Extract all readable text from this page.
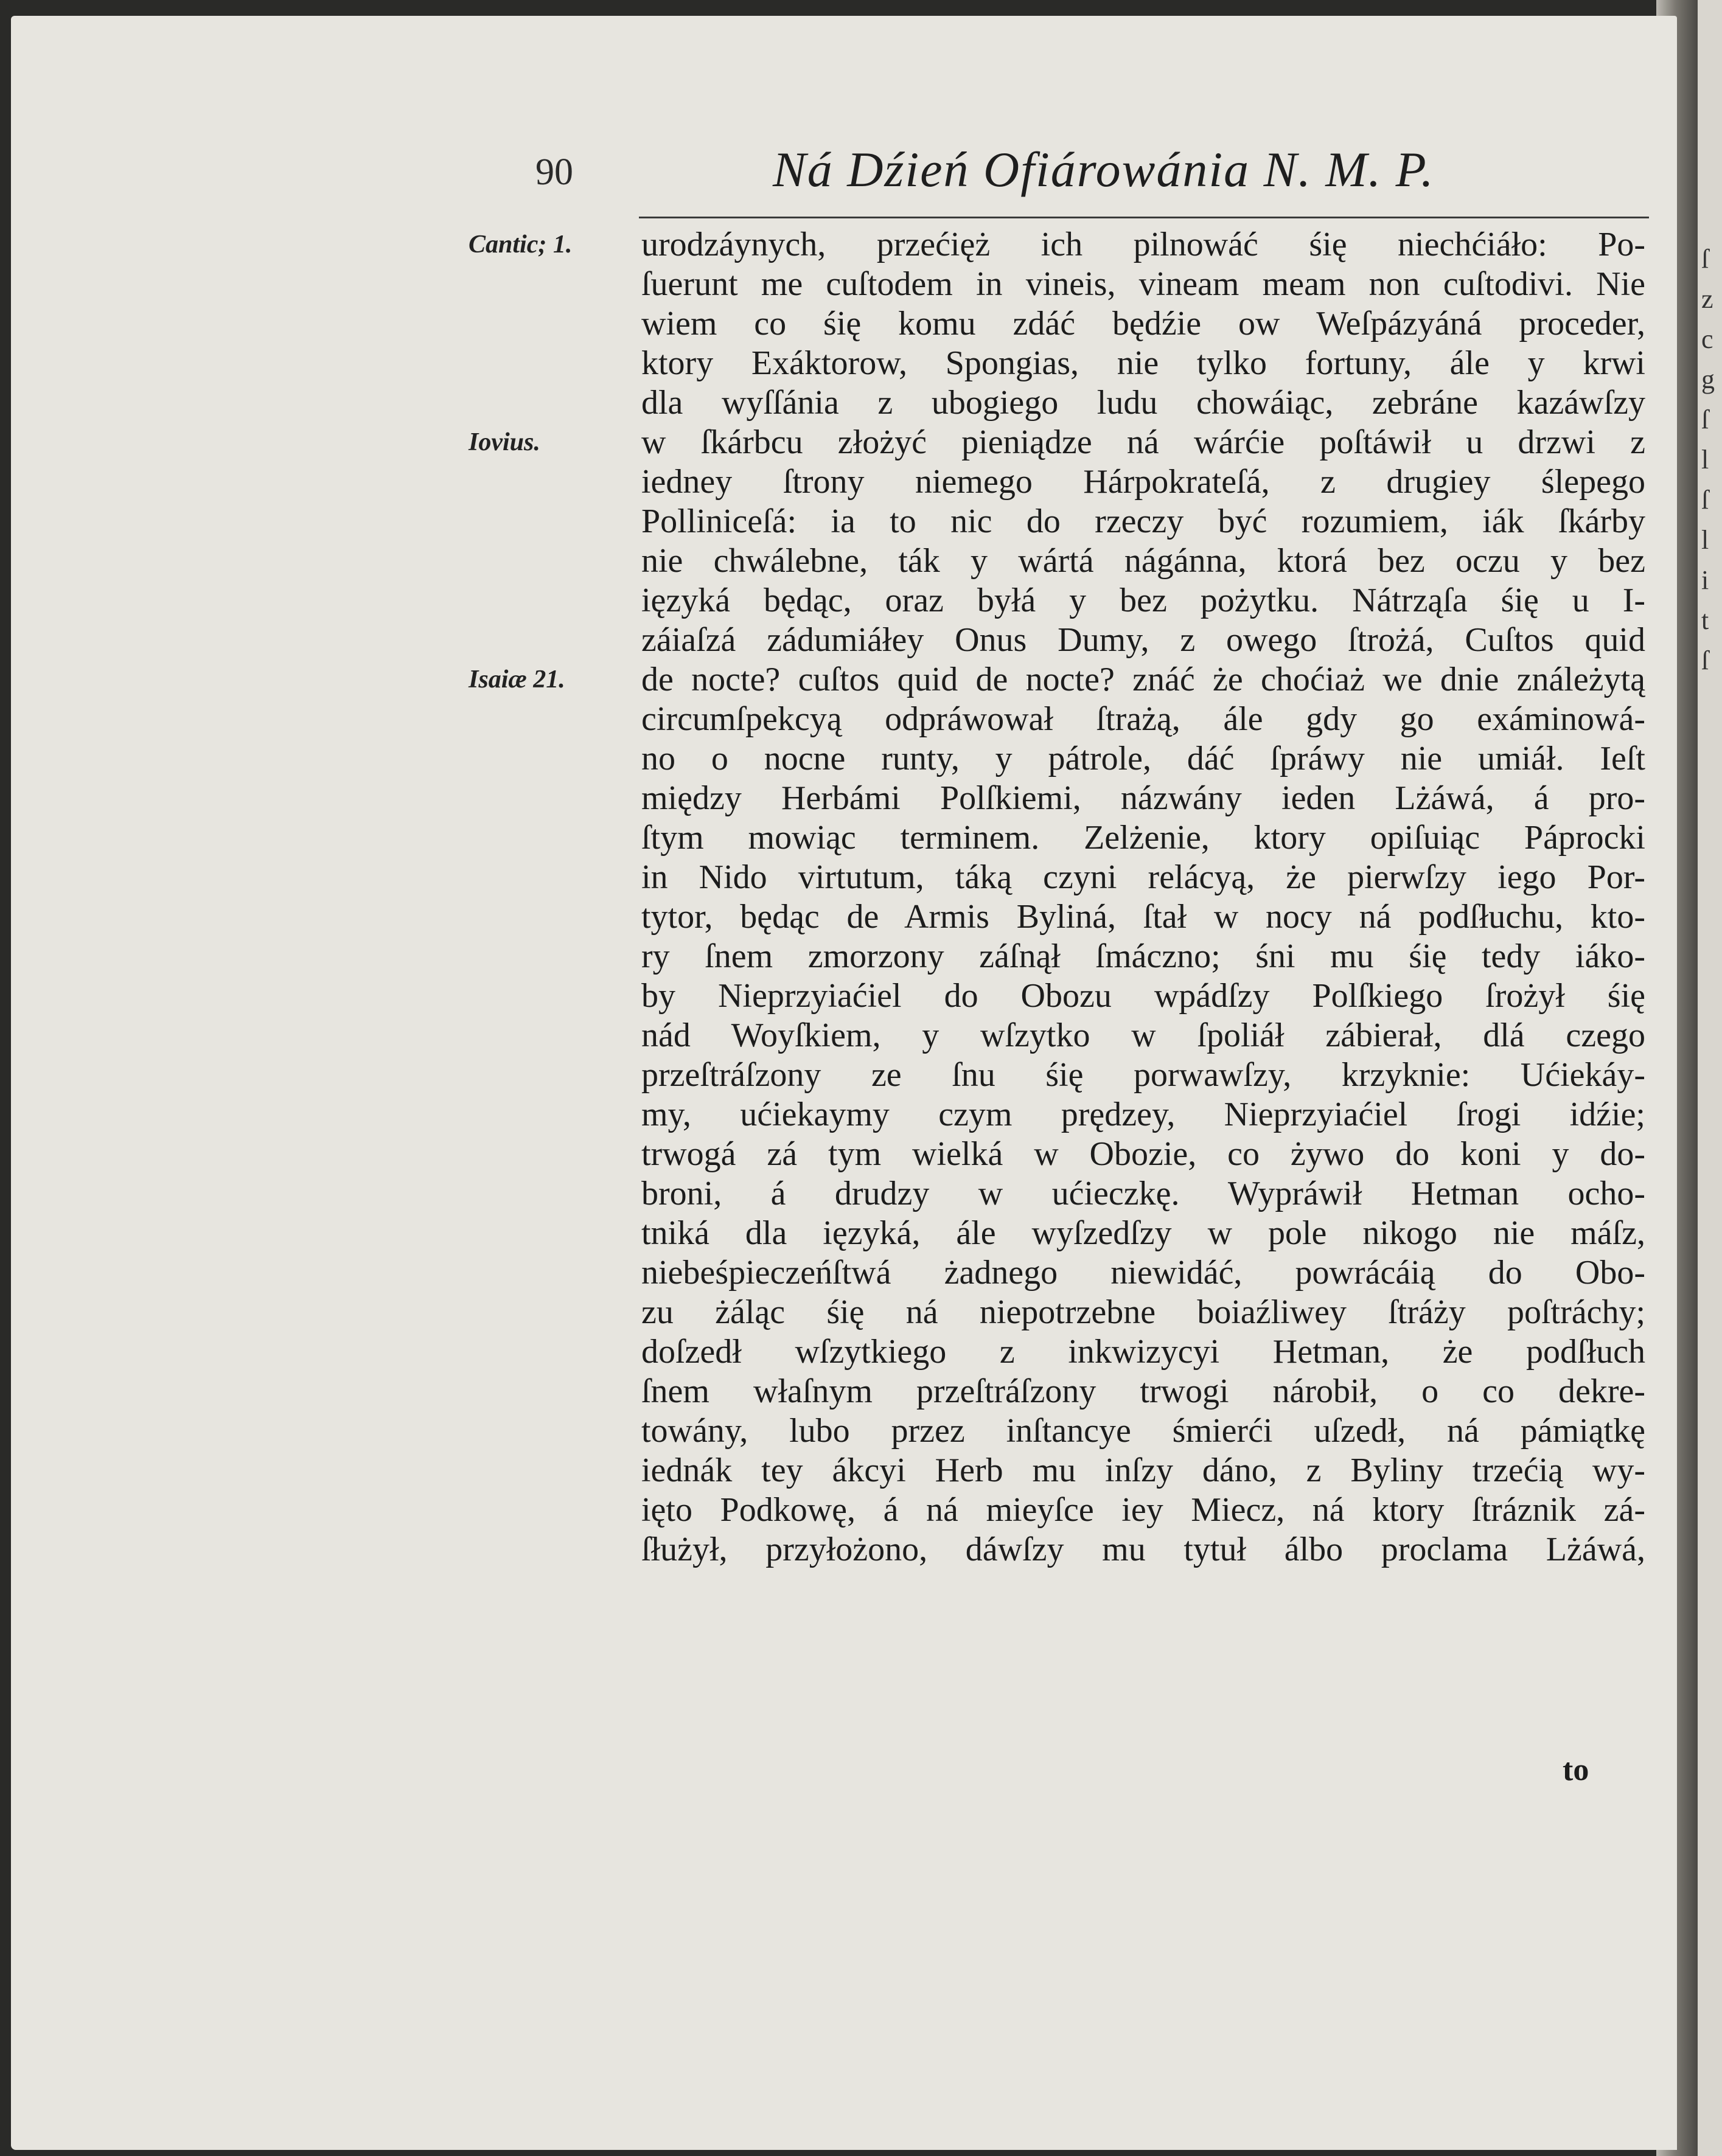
ſ
z
c
g
ſ
l
ſ
l
i
t
ſ
90	Ná Dźień Ofiárowánia N. M. P.
Cantic; 1.
Iovius.
Isaiæ 21.
urodzáynych, przećięż ich pilnowáć śię niechćiáło: Po-
ſuerunt me cuſtodem in vineis, vineam meam non cuſtodivi. Nie
wiem co śię komu zdáć będźie ow Weſpázyáná proceder,
ktory Exáktorow, Spongias, nie tylko fortuny, ále y krwi
dla wyſſánia z ubogiego ludu chowáiąc, zebráne kazáwſzy
w ſkárbcu złożyć pieniądze ná wárćie poſtáwił u drzwi z
iedney ſtrony niemego Hárpokrateſá, z drugiey ślepego
Polliniceſá: ia to nic do rzeczy być rozumiem, iák ſkárby
nie chwálebne, ták y wártá nágánna, ktorá bez oczu y bez
ięzyká będąc, oraz byłá y bez pożytku. Nátrząſa śię u I-
záiaſzá zádumiáłey Onus Dumy, z owego ſtrożá, Cuſtos quid
de nocte? cuſtos quid de nocte? znáć że choćiaż we dnie ználeżytą
circumſpekcyą odpráwował ſtrażą, ále gdy go exáminowá-
no o nocne runty, y pátrole, dáć ſpráwy nie umiáł. Ieſt
między Herbámi Polſkiemi, názwány ieden Lżáwá, á pro-
ſtym mowiąc terminem. Zelżenie, ktory opiſuiąc Páprocki
in Nido virtutum, táką czyni relácyą, że pierwſzy iego Por-
tytor, będąc de Armis Byliná, ſtał w nocy ná podſłuchu, kto-
ry ſnem zmorzony záſnął ſmáczno; śni mu śię tedy iáko-
by Nieprzyiaćiel do Obozu wpádſzy Polſkiego ſrożył śię
nád Woyſkiem, y wſzytko w ſpoliáł zábierał, dlá czego
przeſtráſzony ze ſnu śię porwawſzy, krzyknie: Ućiekáy-
my, ućiekaymy czym prędzey, Nieprzyiaćiel ſrogi idźie;
trwogá zá tym wielká w Obozie, co żywo do koni y do-
broni, á drudzy w ućieczkę. Wypráwił Hetman ocho-
tniká dla ięzyká, ále wyſzedſzy w pole nikogo nie máſz,
niebeśpieczeńſtwá żadnego niewidáć, powrácáią do Obo-
zu żáląc śię ná niepotrzebne boiaźliwey ſtráży poſtráchy;
doſzedł wſzytkiego z inkwizycyi Hetman, że podſłuch
ſnem właſnym przeſtráſzony trwogi nárobił, o co dekre-
towány, lubo przez inſtancye śmierći uſzedł, ná pámiątkę
iednák tey ákcyi Herb mu inſzy dáno, z Byliny trzećią wy-
ięto Podkowę, á ná mieyſce iey Miecz, ná ktory ſtráznik zá-
ſłużył, przyłożono, dáwſzy mu tytuł álbo proclama Lżáwá,
to
